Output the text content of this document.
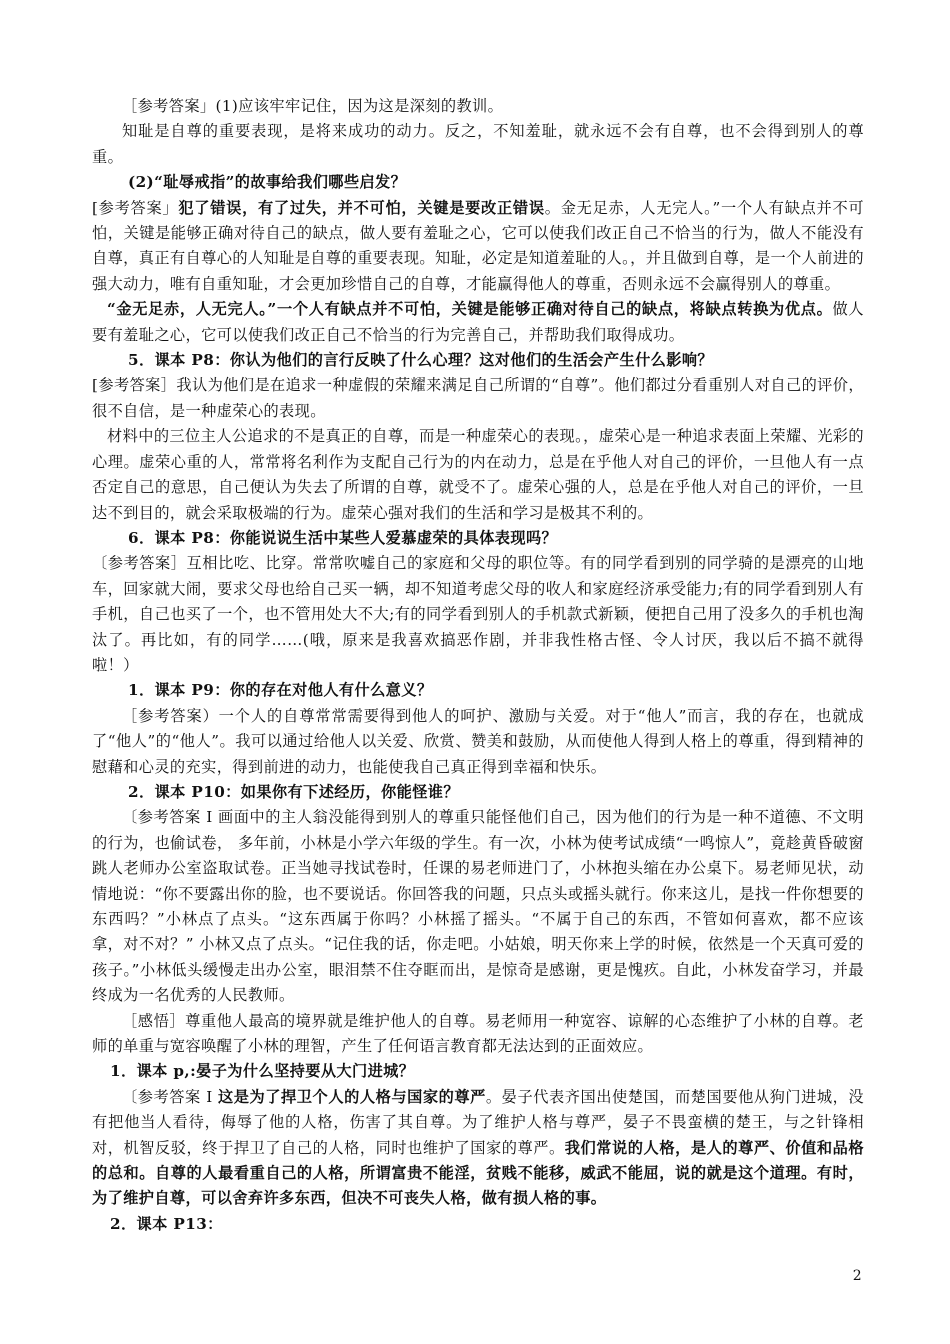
［参考答案」(1)应该牢牢记住，因为这是深刻的教训。

知耻是自尊的重要表现，是将来成功的动力。反之，不知羞耻，就永远不会有自尊，也不会得到别人的尊重。

(2)“耻辱戒指”的故事给我们哪些启发？

[参考答案」犯了错误，有了过失，并不可怕，关键是要改正错误。金无足赤，人无完人。”一个人有缺点并不可怕，关键是能够正确对待自己的缺点，做人要有羞耻之心，它可以使我们改正自己不恰当的行为，做人不能没有自尊，真正有自尊心的人知耻是自尊的重要表现。知耻，必定是知道羞耻的人。，并且做到自尊，是一个人前进的强大动力，唯有自重知耻，才会更加珍惜自己的自尊，才能赢得他人的尊重，否则永远不会赢得别人的尊重。

“金无足赤，人无完人。”一个人有缺点并不可怕，关键是能够正确对待自己的缺点，将缺点转换为优点。做人要有羞耻之心，它可以使我们改正自己不恰当的行为完善自己，并帮助我们取得成功。

5．课本 P8：你认为他们的言行反映了什么心理？这对他们的生活会产生什么影响？

[参考答案］我认为他们是在追求一种虚假的荣耀来满足自己所谓的“自尊”。他们都过分看重别人对自己的评价，很不自信，是一种虚荣心的表现。

材料中的三位主人公追求的不是真正的自尊，而是一种虚荣心的表现。，虚荣心是一种追求表面上荣耀、光彩的心理。虚荣心重的人，常常将名利作为支配自己行为的内在动力，总是在乎他人对自己的评价，一旦他人有一点否定自己的意思，自己便认为失去了所谓的自尊，就受不了。虚荣心强的人，总是在乎他人对自己的评价，一旦达不到目的，就会采取极端的行为。虚荣心强对我们的生活和学习是极其不利的。

6．课本 P8：你能说说生活中某些人爱慕虚荣的具体表现吗？

〔参考答案］互相比吃、比穿。常常吹嘘自己的家庭和父母的职位等。有的同学看到别的同学骑的是漂亮的山地车，回家就大闹，要求父母也给自己买一辆，却不知道考虑父母的收人和家庭经济承受能力;有的同学看到别人有手机，自己也买了一个，也不管用处大不大;有的同学看到别人的手机款式新颖，便把自己用了没多久的手机也淘汰了。再比如，有的同学……(哦，原来是我喜欢搞恶作剧，并非我性格古怪、令人讨厌，我以后不搞不就得啦！）

1．课本 P9：你的存在对他人有什么意义？

［参考答案）一个人的自尊常常需要得到他人的呵护、激励与关爱。对于“他人”而言，我的存在，也就成了“他人”的“他人”。我可以通过给他人以关爱、欣赏、赞美和鼓励，从而使他人得到人格上的尊重，得到精神的慰藉和心灵的充实，得到前进的动力，也能使我自己真正得到幸福和快乐。

2．课本 P10：如果你有下述经历，你能怪谁？

〔参考答案 I 画面中的主人翁没能得到别人的尊重只能怪他们自己，因为他们的行为是一种不道德、不文明的行为，也偷试卷， 多年前，小林是小学六年级的学生。有一次，小林为使考试成绩“一鸣惊人”，竟趁黄昏破窗跳人老师办公室盗取试卷。正当她寻找试卷时，任课的易老师进门了，小林抱头缩在办公桌下。易老师见状，动情地说：“你不要露出你的脸，也不要说话。你回答我的问题，只点头或摇头就行。你来这儿，是找一件你想要的东西吗？”小林点了点头。“这东西属于你吗？小林摇了摇头。“不属于自己的东西，不管如何喜欢，都不应该拿，对不对？” 小林又点了点头。“记住我的话，你走吧。小姑娘，明天你来上学的时候，依然是一个天真可爱的孩子。”小林低头缓慢走出办公室，眼泪禁不住夺眶而出，是惊奇是感谢，更是愧疚。自此，小林发奋学习，并最终成为一名优秀的人民教师。

［感悟］尊重他人最高的境界就是维护他人的自尊。易老师用一种宽容、谅解的心态维护了小林的自尊。老师的单重与宽容唤醒了小林的理智，产生了任何语言教育都无法达到的正面效应。

1．课本 p,:晏子为什么坚持要从大门进城？

〔参考答案 I 这是为了捍卫个人的人格与国家的尊严。晏子代表齐国出使楚国，而楚国要他从狗门进城，没有把他当人看待，侮辱了他的人格，伤害了其自尊。为了维护人格与尊严，晏子不畏蛮横的楚王，与之针锋相对，机智反驳，终于捍卫了自己的人格，同时也维护了国家的尊严。我们常说的人格，是人的尊严、价值和品格的总和。自尊的人最看重自己的人格，所谓富贵不能淫，贫贱不能移，威武不能屈，说的就是这个道理。有时，为了维护自尊，可以舍弃许多东西，但决不可丧失人格，做有损人格的事。

2．课本 P13：

2
